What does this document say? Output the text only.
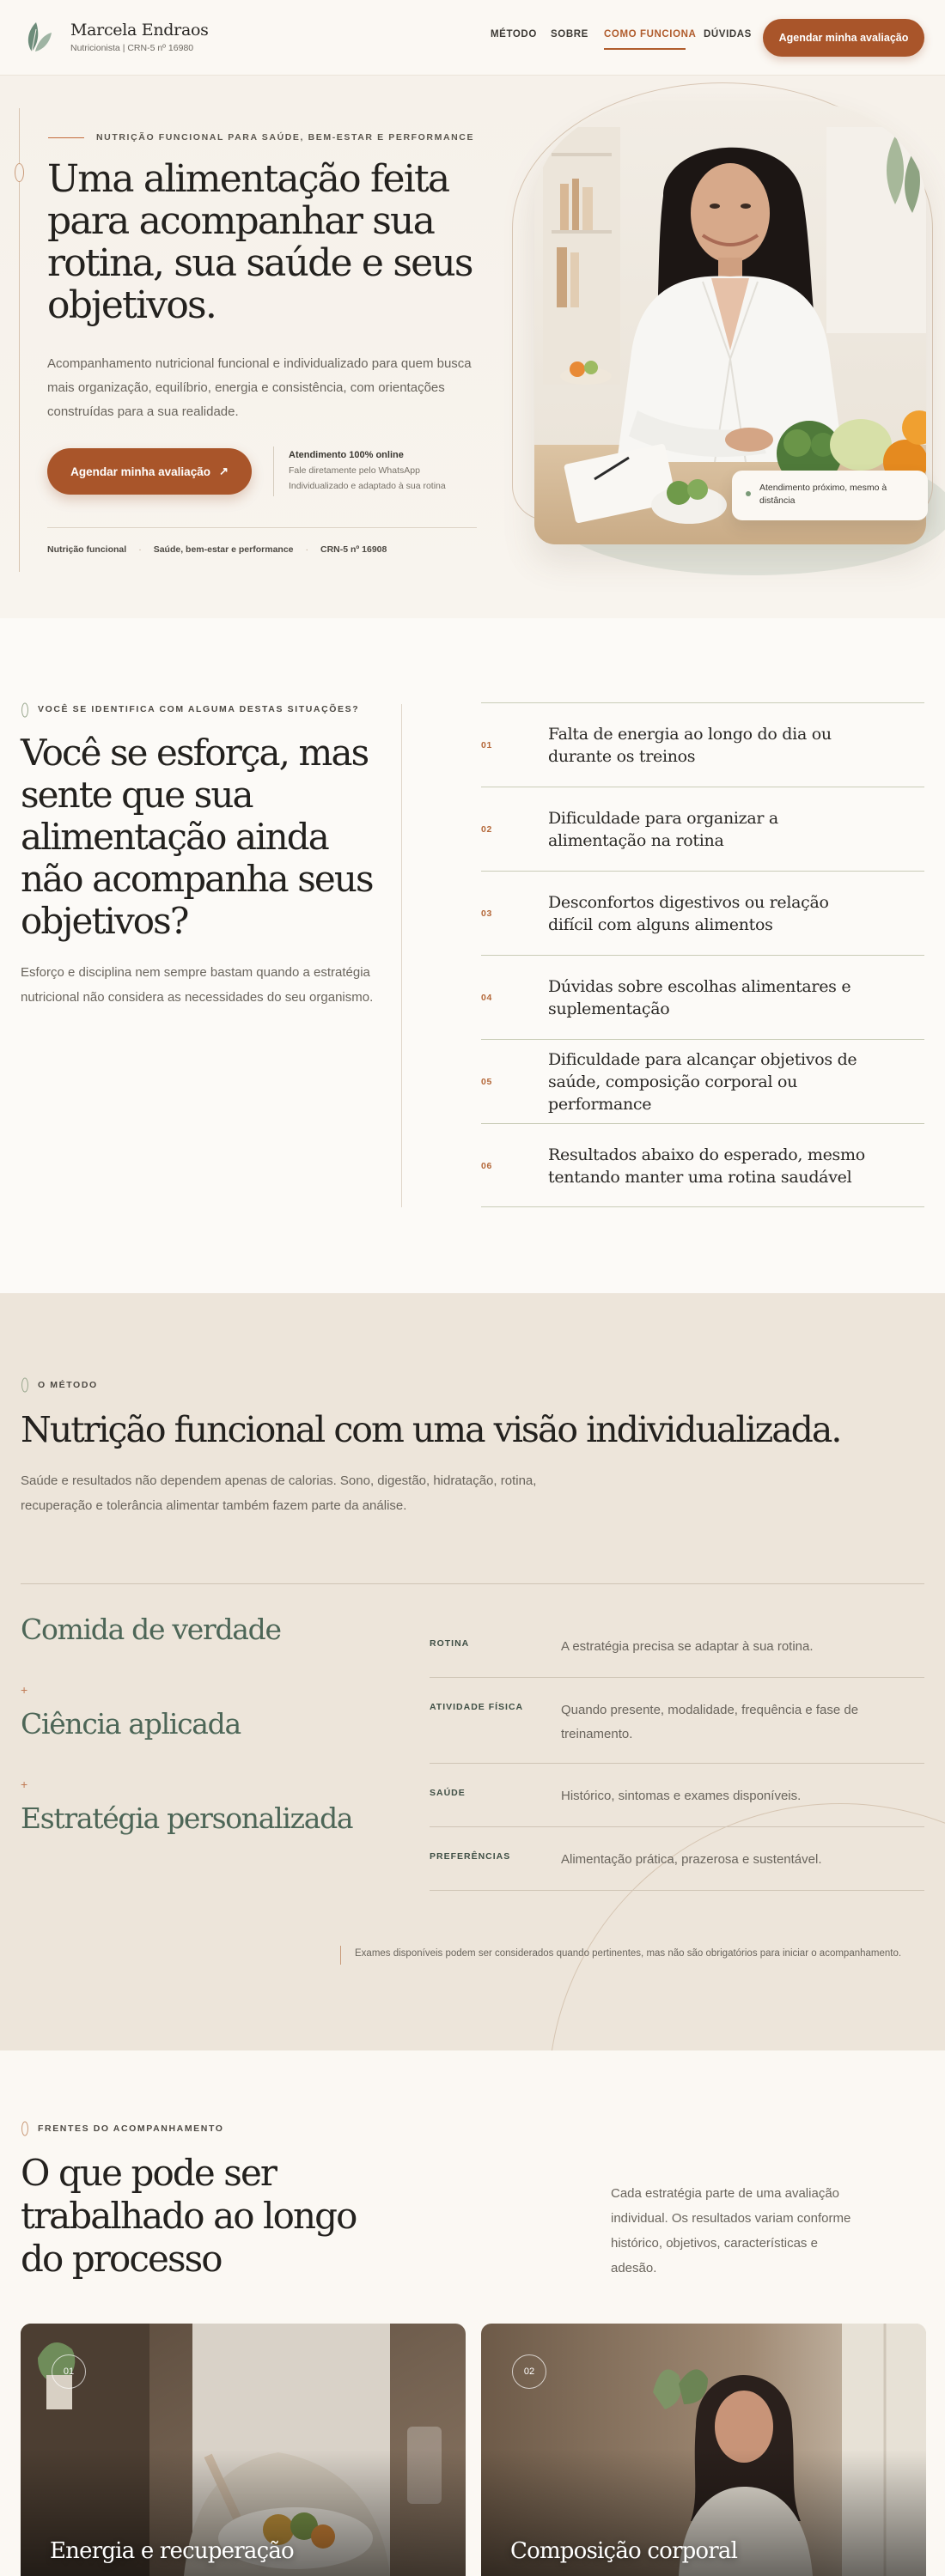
Marcela Endraos
Nutricionista | CRN-5 nº 16980
MÉTODO SOBRE COMO FUNCIONA DÚVIDAS	Agendar minha avaliação
NUTRIÇÃO FUNCIONAL PARA SAÚDE, BEM-ESTAR E PERFORMANCE
Uma alimentação feita para acompanhar sua rotina, sua saúde e seus objetivos.
Acompanhamento nutricional funcional e individualizado para quem busca mais organização, equilíbrio, energia e consistência, com orientações construídas para a sua realidade.
Agendar minha avaliação ↗
Atendimento 100% online
Fale diretamente pelo WhatsApp
Individualizado e adaptado à sua rotina
Nutrição funcional · Saúde, bem-estar e performance · CRN-5 nº 16908
Atendimento próximo, mesmo à distância
VOCÊ SE IDENTIFICA COM ALGUMA DESTAS SITUAÇÕES?
Você se esforça, mas sente que sua alimentação ainda não acompanha seus objetivos?
Esforço e disciplina nem sempre bastam quando a estratégia nutricional não considera as necessidades do seu organismo.
01
Falta de energia ao longo do dia ou durante os treinos
02
Dificuldade para organizar a alimentação na rotina
03
Desconfortos digestivos ou relação difícil com alguns alimentos
04
Dúvidas sobre escolhas alimentares e suplementação
05
Dificuldade para alcançar objetivos de saúde, composição corporal ou performance
06
Resultados abaixo do esperado, mesmo tentando manter uma rotina saudável
O MÉTODO
Nutrição funcional com uma visão individualizada.
Saúde e resultados não dependem apenas de calorias. Sono, digestão, hidratação, rotina, recuperação e tolerância alimentar também fazem parte da análise.
Comida de verdade
+
Ciência aplicada
+
Estratégia personalizada
ROTINA	A estratégia precisa se adaptar à sua rotina.
ATIVIDADE FÍSICA	Quando presente, modalidade, frequência e fase de treinamento.
SAÚDE	Histórico, sintomas e exames disponíveis.
PREFERÊNCIAS	Alimentação prática, prazerosa e sustentável.
Exames disponíveis podem ser considerados quando pertinentes, mas não são obrigatórios para iniciar o acompanhamento.
FRENTES DO ACOMPANHAMENTO
O que pode ser trabalhado ao longo do processo
Cada estratégia parte de uma avaliação individual. Os resultados variam conforme histórico, objetivos, características e adesão.
01
Energia e recuperação
02
Composição corporal
